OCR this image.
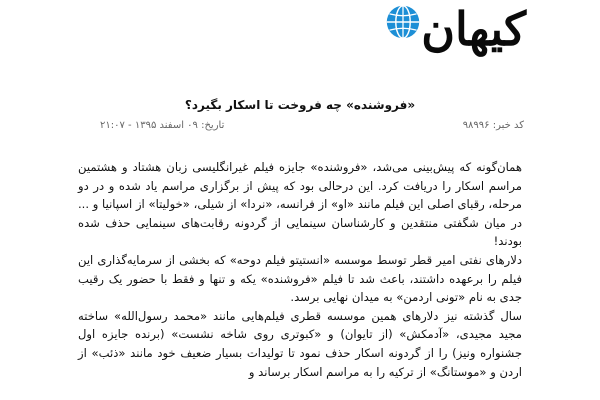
کیهان
«فروشنده» چه فروخت تا اسکار بگیرد؟
کد خبر: ۹۸۹۹۶
تاریخ: ۰۹ اسفند ۱۳۹۵ - ۲۱:۰۷

همان‌گونه که پیش‌بینی می‌شد، «فروشنده» جایزه فیلم غیرانگلیسی زبان هشتاد و هشتمین مراسم اسکار را دریافت کرد. این درحالی بود که پیش از برگزاری مراسم یاد شده و در دو مرحله، رقبای اصلی این فیلم مانند «او» از فرانسه، «نردا» از شیلی، «خولیتا» از اسپانیا و ... در میان شگفتی منتقدین و کارشناسان سینمایی از گردونه رقابت‌های سینمایی حذف شده بودند!

دلارهای نفتی امیر قطر توسط موسسه «انستیتو فیلم دوحه» که بخشی از سرمایه‌گذاری این فیلم را برعهده داشتند، باعث شد تا فیلم «فروشنده» یکه و تنها و فقط با حضور یک رقیب جدی به نام «تونی اردمن» به میدان نهایی برسد.

سال گذشته نیز دلارهای همین موسسه قطری فیلم‌هایی مانند «محمد رسول‌الله» ساخته مجید مجیدی، «آدمکش» (از تایوان) و «کبوتری روی شاخه نشست» (برنده جایزه اول جشنواره ونیز) را از گردونه اسکار حذف نمود تا تولیدات بسیار ضعیف خود مانند «ذئب» از اردن و «موستانگ» از ترکیه را به مراسم اسکار برساند و
